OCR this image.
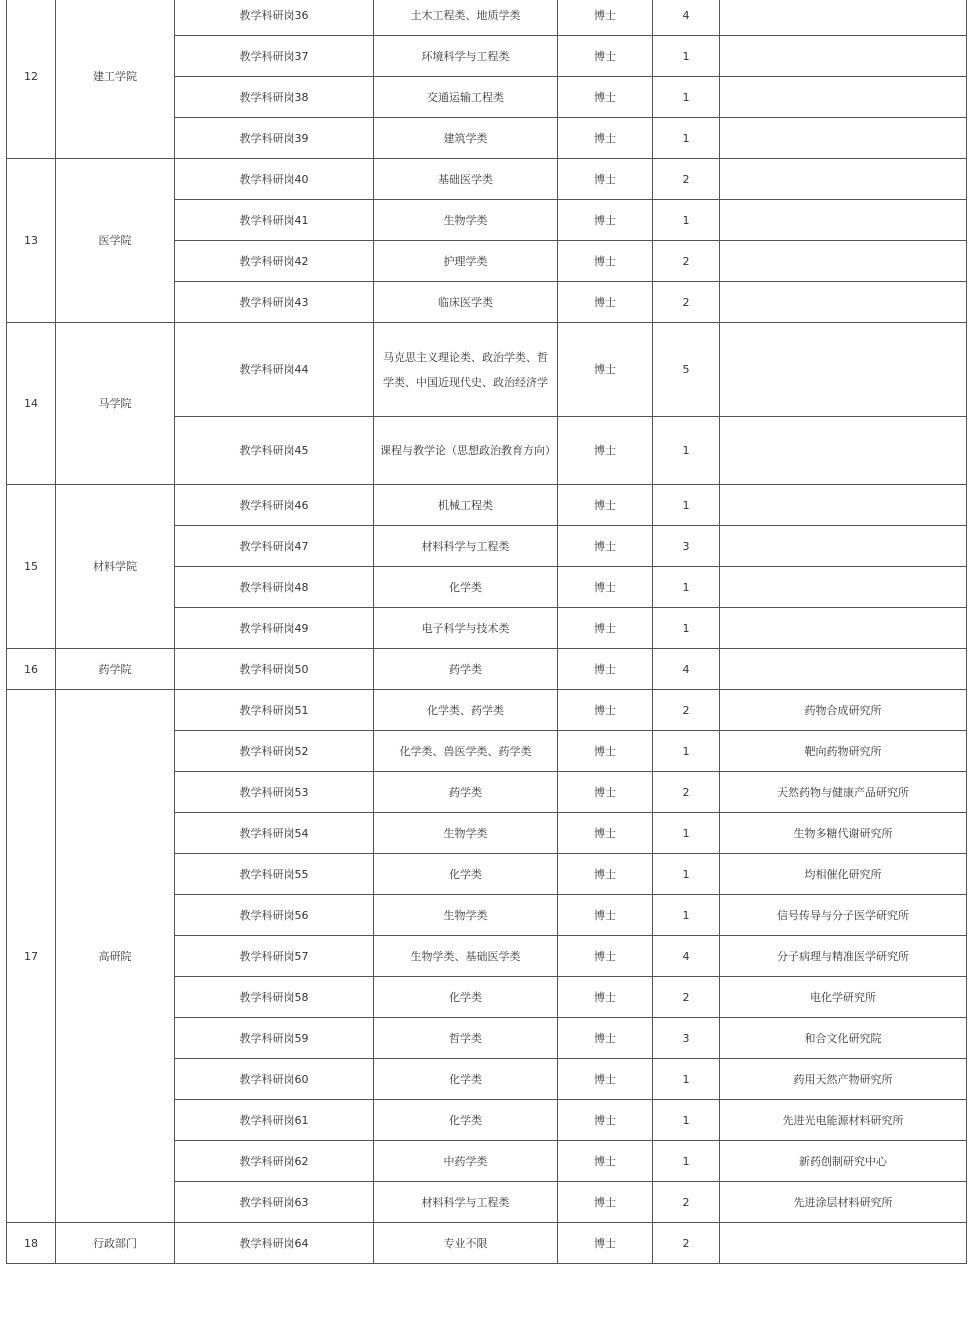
12	建工学院	教学科研岗36	土木工程类、地质学类	博士	4	
		教学科研岗37	环境科学与工程类	博士	1	
		教学科研岗38	交通运输工程类	博士	1	
		教学科研岗39	建筑学类	博士	1	
13	医学院	教学科研岗40	基础医学类	博士	2	
		教学科研岗41	生物学类	博士	1	
		教学科研岗42	护理学类	博士	2	
		教学科研岗43	临床医学类	博士	2	
14	马学院	教学科研岗44	马克思主义理论类、政治学类、哲学类、中国近现代史、政治经济学	博士	5	
		教学科研岗45	课程与教学论（思想政治教育方向）	博士	1	
15	材料学院	教学科研岗46	机械工程类	博士	1	
		教学科研岗47	材料科学与工程类	博士	3	
		教学科研岗48	化学类	博士	1	
		教学科研岗49	电子科学与技术类	博士	1	
16	药学院	教学科研岗50	药学类	博士	4	
17	高研院	教学科研岗51	化学类、药学类	博士	2	药物合成研究所
		教学科研岗52	化学类、兽医学类、药学类	博士	1	靶向药物研究所
		教学科研岗53	药学类	博士	2	天然药物与健康产品研究所
		教学科研岗54	生物学类	博士	1	生物多糖代谢研究所
		教学科研岗55	化学类	博士	1	均相催化研究所
		教学科研岗56	生物学类	博士	1	信号传导与分子医学研究所
		教学科研岗57	生物学类、基础医学类	博士	4	分子病理与精准医学研究所
		教学科研岗58	化学类	博士	2	电化学研究所
		教学科研岗59	哲学类	博士	3	和合文化研究院
		教学科研岗60	化学类	博士	1	药用天然产物研究所
		教学科研岗61	化学类	博士	1	先进光电能源材料研究所
		教学科研岗62	中药学类	博士	1	新药创制研究中心
		教学科研岗63	材料科学与工程类	博士	2	先进涂层材料研究所
18	行政部门	教学科研岗64	专业不限	博士	2	
